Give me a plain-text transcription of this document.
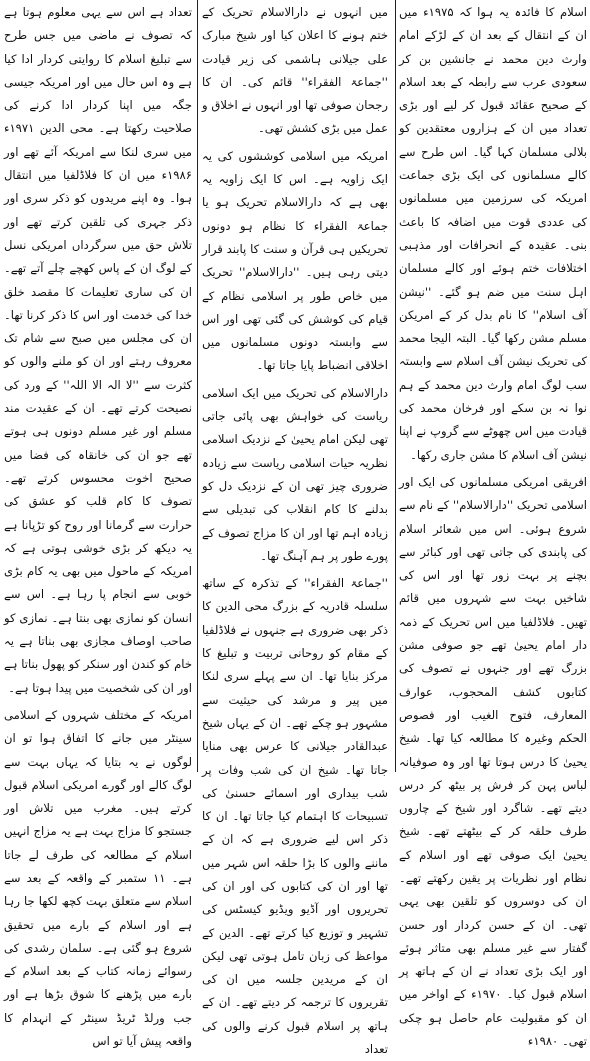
اسلام کا فائدہ یہ ہوا کہ ۱۹۷۵ء میں ان کے انتقال کے بعد ان کے لڑکے امام وارث دین محمد نے جانشین بن کر سعودی عرب سے رابطہ کے بعد اسلام کے صحیح عقائد قبول کر لیے اور بڑی تعداد میں ان کے ہزاروں معتقدین کو بلالی مسلمان کہا گیا۔ اس طرح سے کالے مسلمانوں کی ایک بڑی جماعت امریکہ کی سرزمین میں مسلمانوں کی عددی قوت میں اضافہ کا باعث بنی۔ عقیدہ کے انحرافات اور مذہبی اختلافات ختم ہوئے اور کالے مسلمان اہل سنت میں ضم ہو گئے۔ ''نیشن آف اسلام'' کا نام بدل کر کے امریکن مسلم مشن رکھا گیا۔ البتہ الیجا محمد کی تحریک نیشن آف اسلام سے وابستہ سب لوگ امام وارث دین محمد کے ہم نوا نہ بن سکے اور فرخان محمد کی قیادت میں اس چھوٹے سے گروپ نے اپنا نیشن آف اسلام کا مشن جاری رکھا۔

افریقی امریکی مسلمانوں کی ایک اور اسلامی تحریک ''دارالاسلام'' کے نام سے شروع ہوئی۔ اس میں شعائر اسلام کی پابندی کی جاتی تھی اور کبائر سے بچنے پر بہت زور تھا اور اس کی شاخیں بہت سے شہروں میں قائم تھیں۔ فلاڈلفیا میں اس تحریک کے ذمہ دار امام یحییٰ تھے جو صوفی مشن بزرگ تھے اور جنہوں نے تصوف کی کتابوں کشف المحجوب، عوارف المعارف، فتوح الغیب اور فصوص الحکم وغیرہ کا مطالعہ کیا تھا۔ شیخ یحییٰ کا درس ہوتا تھا اور وہ صوفیانہ لباس پہن کر فرش پر بیٹھ کر درس دیتے تھے۔ شاگرد اور شیخ کے چاروں طرف حلقہ کر کے بیٹھتے تھے۔ شیخ یحییٰ ایک صوفی تھے اور اسلام کے نظام اور نظریات پر یقین رکھتے تھے۔ ان کی دوسروں کو تلقین بھی یہی تھی۔ ان کے حسن کردار اور حسن گفتار سے غیر مسلم بھی متاثر ہوئے اور ایک بڑی تعداد نے ان کے ہاتھ پر اسلام قبول کیا۔ ۱۹۷۰ء کے اواخر میں ان کو مقبولیت عام حاصل ہو چکی تھی۔ ۱۹۸۰ء

میں انہوں نے دارالاسلام تحریک کے ختم ہونے کا اعلان کیا اور شیخ مبارک علی جیلانی ہاشمی کی زیر قیادت ''جماعۃ الفقراء'' قائم کی۔ ان کا رجحان صوفی تھا اور انہوں نے اخلاق و عمل میں بڑی کشش تھی۔

امریکہ میں اسلامی کوششوں کی یہ ایک زاویہ ہے۔ اس کا ایک زاویہ یہ بھی ہے کہ دارالاسلام تحریک ہو یا جماعۃ الفقراء کا نظام ہو دونوں تحریکیں ہی قرآن و سنت کا پابند قرار دیتی رہی ہیں۔ ''دارالاسلام'' تحریک میں خاص طور پر اسلامی نظام کے قیام کی کوشش کی گئی تھی اور اس سے وابستہ دونوں مسلمانوں میں اخلاقی انضباط پایا جاتا تھا۔

دارالاسلام کی تحریک میں ایک اسلامی ریاست کی خواہش بھی پائی جاتی تھی لیکن امام یحییٰ کے نزدیک اسلامی نظریہ حیات اسلامی ریاست سے زیادہ ضروری چیز تھی ان کے نزدیک دل کو بدلنے کا کام انقلاب کی تبدیلی سے زیادہ اہم تھا اور ان کا مزاج تصوف کے پورے طور پر ہم آہنگ تھا۔

''جماعۃ الفقراء'' کے تذکرہ کے ساتھ سلسلہ قادریہ کے بزرگ محی الدین کا ذکر بھی ضروری ہے جنہوں نے فلاڈلفیا کے مقام کو روحانی تربیت و تبلیغ کا مرکز بنایا تھا۔ ان سے پہلے سری لنکا میں پیر و مرشد کی حیثیت سے مشہور ہو چکے تھے۔ ان کے یہاں شیخ عبدالقادر جیلانی کا عرس بھی منایا جاتا تھا۔ شیخ ان کی شب وفات پر شب بیداری اور اسمائے حسنیٰ کی تسبیحات کا اہتمام کیا جاتا تھا۔ ان کا ذکر اس لیے ضروری ہے کہ ان کے ماننے والوں کا بڑا حلقہ اس شہر میں تھا اور ان کی کتابوں کی اور ان کی تحریروں اور آڈیو ویڈیو کیسٹس کی تشہیر و توزیع کیا کرتے تھے۔ الدین کے مواعظ کی زبان تامل ہوتی تھی لیکن ان کے مریدین جلسہ میں ان کی تقریروں کا ترجمہ کر دیتے تھے۔ ان کے ہاتھ پر اسلام قبول کرنے والوں کی تعداد

تعداد ہے اس سے یہی معلوم ہوتا ہے کہ تصوف نے ماضی میں جس طرح سے تبلیغ اسلام کا روایتی کردار ادا کیا ہے وہ اس حال میں اور امریکہ جیسی جگہ میں اپنا کردار ادا کرنے کی صلاحیت رکھتا ہے۔ محی الدین ۱۹۷۱ء میں سری لنکا سے امریکہ آئے تھے اور ۱۹۸۶ء میں ان کا فلاڈلفیا میں انتقال ہوا۔ وہ اپنے مریدوں کو ذکر سری اور ذکر جہری کی تلقین کرتے تھے اور تلاش حق میں سرگرداں امریکی نسل کے لوگ ان کے پاس کھچے چلے آتے تھے۔ ان کی ساری تعلیمات کا مقصد خلق خدا کی خدمت اور اس کا ذکر کرنا تھا۔ ان کی مجلس میں صبح سے شام تک معروف رہتے اور ان کو ملنے والوں کو کثرت سے ''لا الہ الا اللہ'' کے ورد کی نصیحت کرتے تھے۔ ان کے عقیدت مند مسلم اور غیر مسلم دونوں ہی ہوتے تھے جو ان کی خانقاہ کی فضا میں صحیح اخوت محسوس کرتے تھے۔ تصوف کا کام قلب کو عشق کی حرارت سے گرمانا اور روح کو تڑپانا ہے یہ دیکھ کر بڑی خوشی ہوتی ہے کہ امریکہ کے ماحول میں بھی یہ کام بڑی خوبی سے انجام پا رہا ہے۔ اس سے انسان کو نمازی بھی بنتا ہے۔ نمازی کو صاحب اوصاف مجازی بھی بناتا ہے یہ خام کو کندن اور سنکر کو پھول بناتا ہے اور ان کی شخصیت میں پیدا ہوتا ہے۔

امریکہ کے مختلف شہروں کے اسلامی سینٹر میں جانے کا اتفاق ہوا تو ان لوگوں نے یہ بتایا کہ یہاں بہت سے لوگ کالے اور گورے امریکی اسلام قبول کرتے ہیں۔ مغرب میں تلاش اور جستجو کا مزاج بہت ہے یہ مزاج انہیں اسلام کے مطالعہ کی طرف لے جاتا ہے۔ ۱۱ ستمبر کے واقعہ کے بعد سے اسلام سے متعلق بہت کچھ لکھا جا رہا ہے اور اسلام کے بارے میں تحقیق شروع ہو گئی ہے۔ سلمان رشدی کی رسوائے زمانہ کتاب کے بعد اسلام کے بارے میں پڑھنے کا شوق بڑھا ہے اور جب ورلڈ ٹریڈ سینٹر کے انہدام کا واقعہ پیش آیا تو اس
